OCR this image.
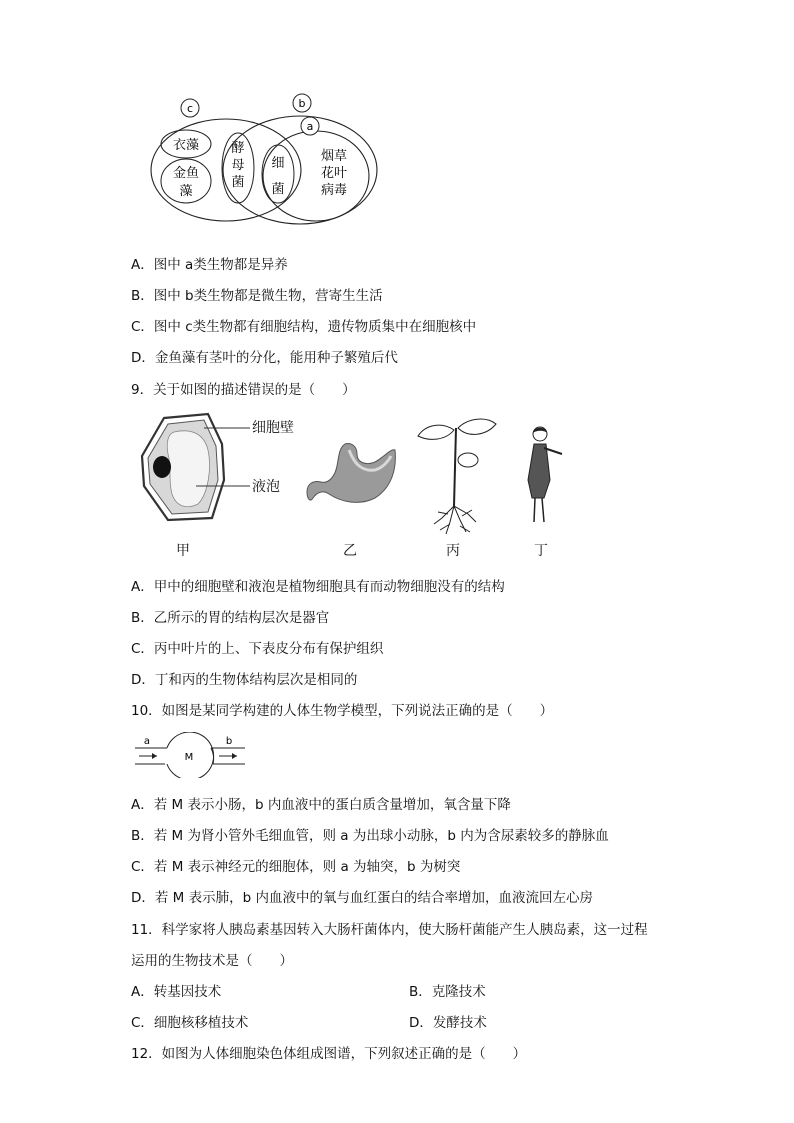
c	b
a
衣藻
金鱼
藻
酵
母
菌
细
菌
烟草
花叶
病毒
A．图中 a类生物都是异养
B．图中 b类生物都是微生物，营寄生生活
C．图中 c类生物都有细胞结构，遗传物质集中在细胞核中
D．金鱼藻有茎叶的分化，能用种子繁殖后代
9．关于如图的描述错误的是（　　）
细胞壁
液泡
甲	乙	丙	丁
A．甲中的细胞壁和液泡是植物细胞具有而动物细胞没有的结构
B．乙所示的胃的结构层次是器官
C．丙中叶片的上、下表皮分布有保护组织
D．丁和丙的生物体结构层次是相同的
10．如图是某同学构建的人体生物学模型，下列说法正确的是（　　）
a	b
M
A．若 M 表示小肠，b 内血液中的蛋白质含量增加，氧含量下降
B．若 M 为肾小管外毛细血管，则 a 为出球小动脉，b 内为含尿素较多的静脉血
C．若 M 表示神经元的细胞体，则 a 为轴突，b 为树突
D．若 M 表示肺，b 内血液中的氧与血红蛋白的结合率增加，血液流回左心房
11．科学家将人胰岛素基因转入大肠杆菌体内，使大肠杆菌能产生人胰岛素，这一过程
运用的生物技术是（　　）
A．转基因技术	B．克隆技术
C．细胞核移植技术	D．发酵技术
12．如图为人体细胞染色体组成图谱，下列叙述正确的是（　　）
